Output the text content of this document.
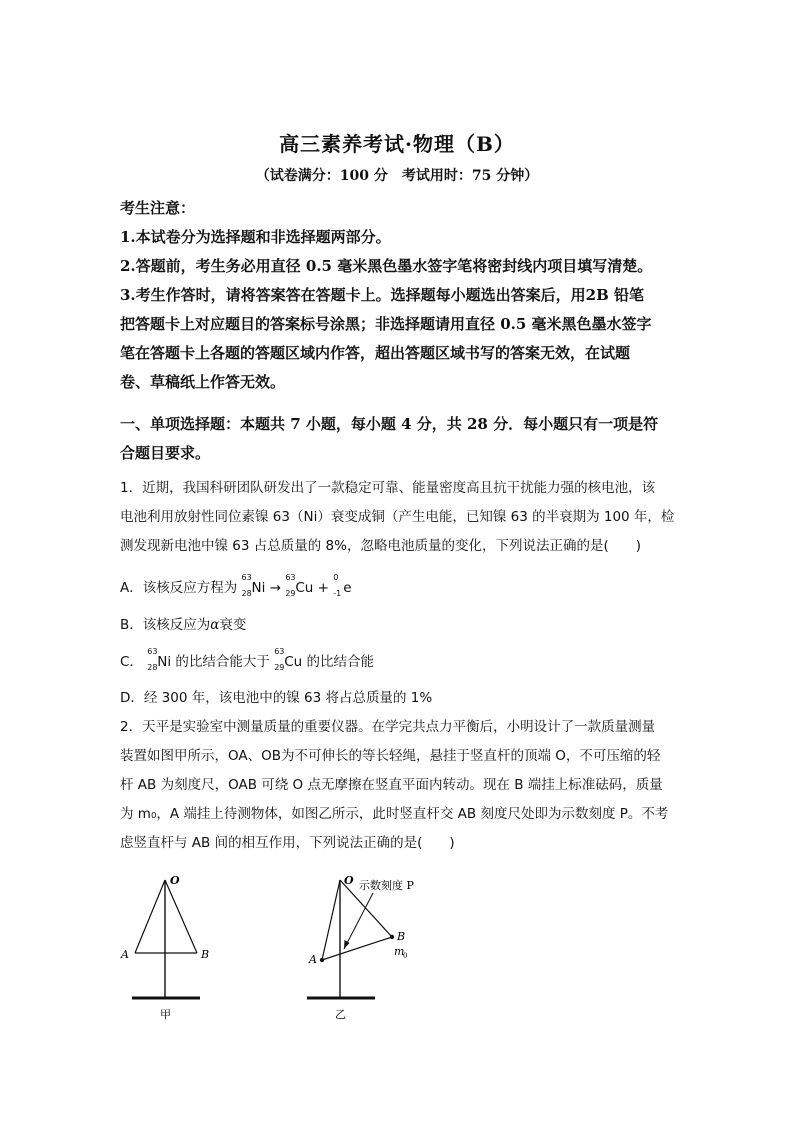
高三素养考试·物理（B）
（试卷满分：100 分　考试用时：75 分钟）
考生注意：
1.本试卷分为选择题和非选择题两部分。
2.答题前，考生务必用直径 0.5 毫米黑色墨水签字笔将密封线内项目填写清楚。
3.考生作答时，请将答案答在答题卡上。选择题每小题选出答案后，用2B 铅笔
把答题卡上对应题目的答案标号涂黑；非选择题请用直径 0.5 毫米黑色墨水签字
笔在答题卡上各题的答题区域内作答，超出答题区域书写的答案无效，在试题
卷、草稿纸上作答无效。
一、单项选择题：本题共 7 小题，每小题 4 分，共 28 分．每小题只有一项是符
合题目要求。
1．近期，我国科研团队研发出了一款稳定可靠、能量密度高且抗干扰能力强的核电池，该
电池利用放射性同位素镍 63（Ni）衰变成铜（产生电能，已知镍 63 的半衰期为 100 年，检
测发现新电池中镍 63 占总质量的 8%，忽略电池质量的变化，下列说法正确的是(　　)
A．该核反应方程为
63
28 Ni →
63
29 Cu +
0
-1 e
B．该核反应为α衰变
C．
63
28 Ni 的比结合能大于
63
29 Cu 的比结合能
D．经 300 年，该电池中的镍 63 将占总质量的 1%
2．天平是实验室中测量质量的重要仪器。在学完共点力平衡后，小明设计了一款质量测量
装置如图甲所示，OA、OB为不可伸长的等长轻绳，悬挂于竖直杆的顶端 O，不可压缩的轻
杆 AB 为刻度尺，OAB 可绕 O 点无摩擦在竖直平面内转动。现在 B 端挂上标准砝码，质量
为 m₀，A 端挂上待测物体，如图乙所示，此时竖直杆交 AB 刻度尺处即为示数刻度 P。不考
虑竖直杆与 AB 间的相互作用，下列说法正确的是(　　)
O
A	B
甲
O
A
B
m
0
示数刻度 P
乙
